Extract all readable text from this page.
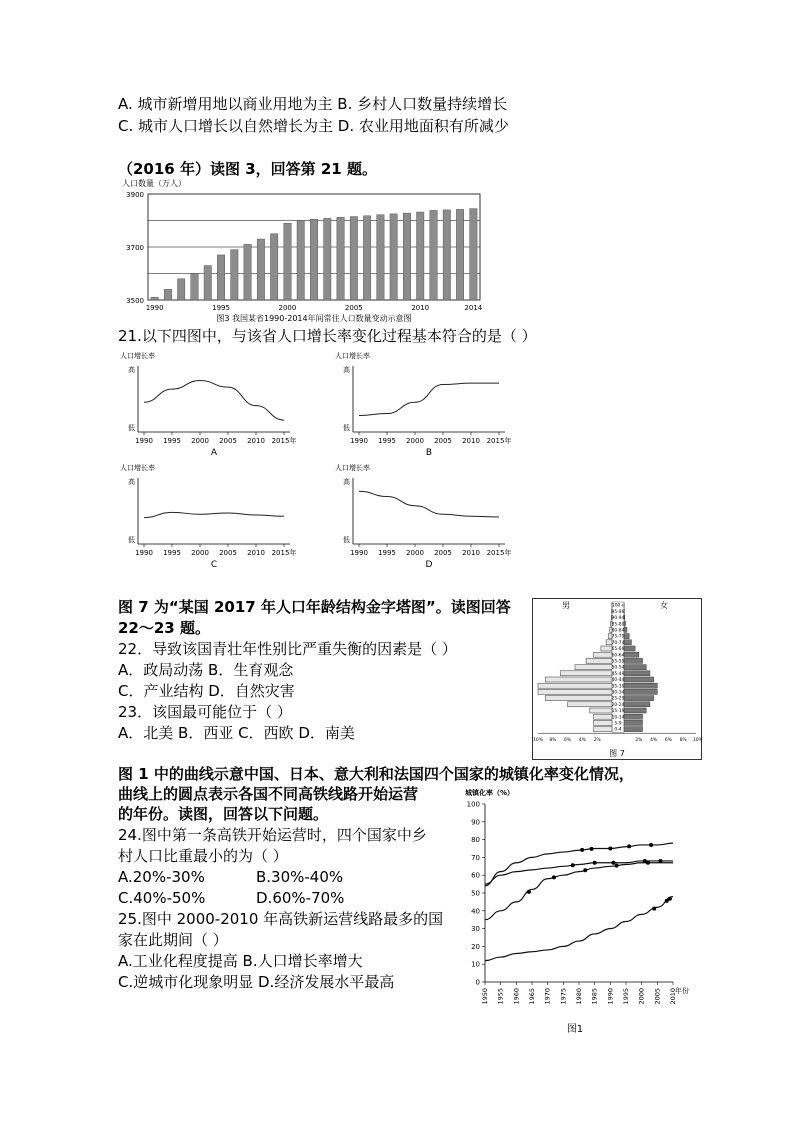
A. 城市新增用地以商业用地为主 B. 乡村人口数量持续增长
C. 城市人口增长以自然增长为主 D. 农业用地面积有所减少
（2016 年）读图 3，回答第 21 题。
人口数量（万人）
3900
3700
3500
1990	1995	2000	2005	2010	2014
图3 我国某省1990-2014年间常住人口数量变动示意图
21.以下四图中，与该省人口增长率变化过程基本符合的是（ ）
人口增长率
高
低
1990 1995 2000 2005 2010 2015年
A
人口增长率
高
低
1990 1995 2000 2005 2010 2015年
B
人口增长率
高
低
1990 1995 2000 2005 2010 2015年
C
人口增长率
高
低
1990 1995 2000 2005 2010 2015年
D
图 7 为“某国 2017 年人口年龄结构金字塔图”。读图回答
22～23 题。
22．导致该国青壮年性别比严重失衡的因素是（ ）
A．政局动荡 B．生育观念
C．产业结构 D．自然灾害
23．该国最可能位于（ ）
A．北美 B．西亚 C．西欧 D．南美
男	女
100+
95-99
90-94
85-89
80-84
75-79
70-74
65-69
60-64
55-59
50-54
45-49
40-44
35-39
30-34
25-29
20-24
15-19
10-14
5-9
0-4
10% 8% 6% 4% 2%	2% 4% 6% 8% 10%
图 7
图 1 中的曲线示意中国、日本、意大利和法国四个国家的城镇化率变化情况，
曲线上的圆点表示各国不同高铁线路开始运营
的年份。读图，回答以下问题。
24.图中第一条高铁开始运营时，四个国家中乡
村人口比重最小的为（ ）
A.20%-30%	B.30%-40%
C.40%-50%	D.60%-70%
25.图中 2000-2010 年高铁新运营线路最多的国
家在此期间（ ）
A.工业化程度提高 B.人口增长率增大
C.逆城市化现象明显 D.经济发展水平最高
城镇化率（%）
100
90
80
70
60
50
40
30
20
10
0
1950 1955 1960 1965 1970 1975 1980 1985 1990 1995 2000 2005 2010
年份
图1
